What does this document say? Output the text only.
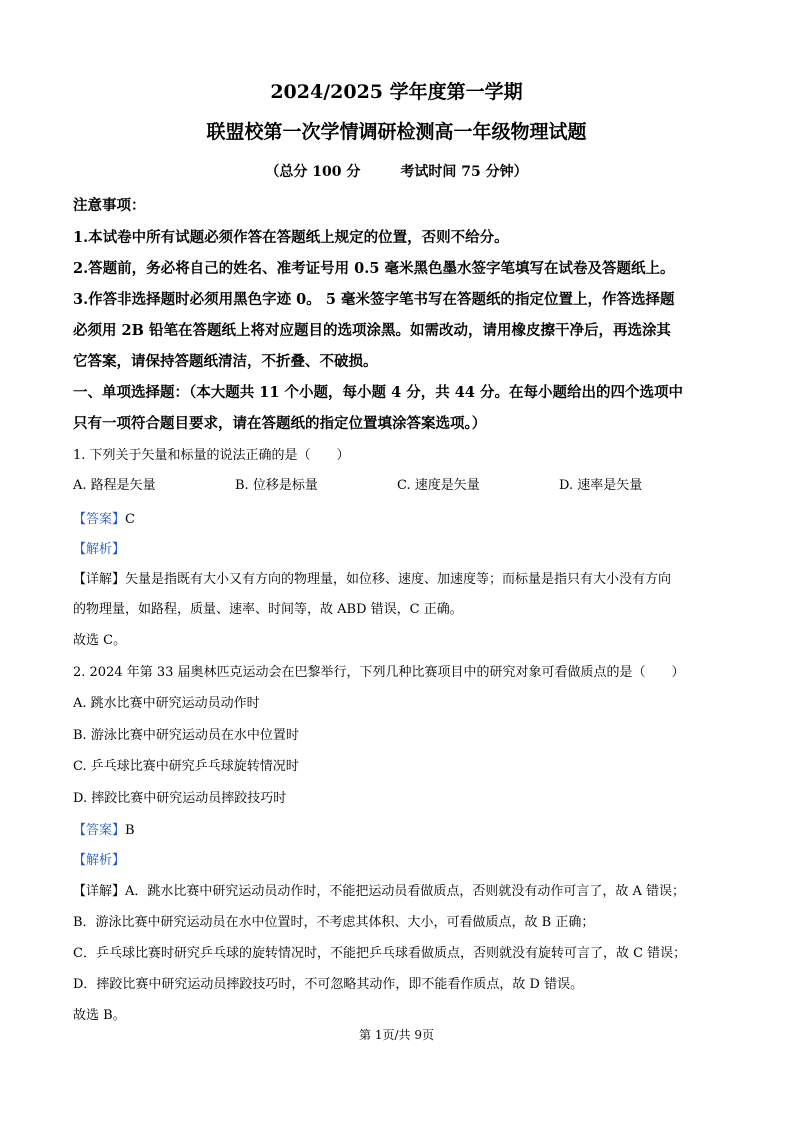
2024/2025 学年度第一学期
联盟校第一次学情调研检测高一年级物理试题
（总分 100 分	考试时间 75 分钟）
注意事项：
1.本试卷中所有试题必须作答在答题纸上规定的位置，否则不给分。
2.答题前，务必将自己的姓名、准考证号用 0.5 毫米黑色墨水签字笔填写在试卷及答题纸上。
3.作答非选择题时必须用黑色字迹 0。 5 毫米签字笔书写在答题纸的指定位置上，作答选择题
必须用 2B 铅笔在答题纸上将对应题目的选项涂黑。如需改动，请用橡皮擦干净后，再选涂其
它答案，请保持答题纸清洁，不折叠、不破损。
一、单项选择题：（本大题共 11 个小题，每小题 4 分，共 44 分。在每小题给出的四个选项中
只有一项符合题目要求，请在答题纸的指定位置填涂答案选项。）
1. 下列关于矢量和标量的说法正确的是（　　）
A. 路程是矢量	B. 位移是标量	C. 速度是矢量	D. 速率是矢量
【答案】C
【解析】
【详解】矢量是指既有大小又有方向的物理量，如位移、速度、加速度等；而标量是指只有大小没有方向
的物理量，如路程，质量、速率、时间等，故 ABD 错误，C 正确。
故选 C。
2. 2024 年第 33 届奥林匹克运动会在巴黎举行，下列几种比赛项目中的研究对象可看做质点的是（　　）
A. 跳水比赛中研究运动员动作时
B. 游泳比赛中研究运动员在水中位置时
C. 乒乓球比赛中研究乒乓球旋转情况时
D. 摔跤比赛中研究运动员摔跤技巧时
【答案】B
【解析】
【详解】A．跳水比赛中研究运动员动作时，不能把运动员看做质点，否则就没有动作可言了，故 A 错误；
B．游泳比赛中研究运动员在水中位置时，不考虑其体积、大小，可看做质点，故 B 正确；
C．乒乓球比赛时研究乒乓球的旋转情况时，不能把乒乓球看做质点，否则就没有旋转可言了，故 C 错误；
D．摔跤比赛中研究运动员摔跤技巧时，不可忽略其动作，即不能看作质点，故 D 错误。
故选 B。
第 1页/共 9页
